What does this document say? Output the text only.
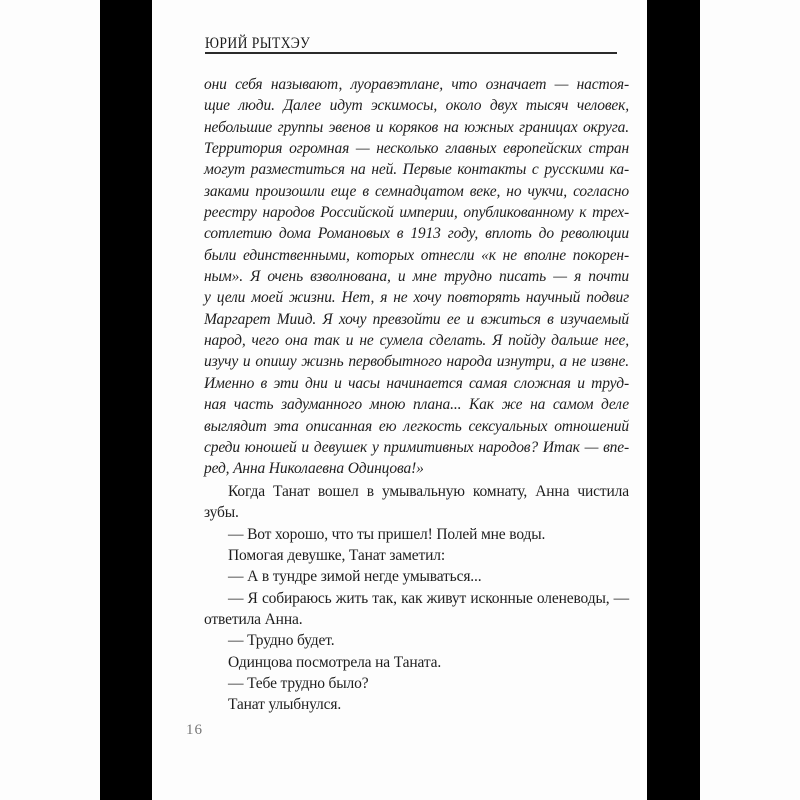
ЮРИЙ РЫТХЭУ
они себя называют, луоравэтлане, что означает — настоя-
щие люди. Далее идут эскимосы, около двух тысяч человек,
небольшие группы эвенов и коряков на южных границах округа.
Территория огромная — несколько главных европейских стран
могут разместиться на ней. Первые контакты с русскими ка-
заками произошли еще в семнадцатом веке, но чукчи, согласно
реестру народов Российской империи, опубликованному к трех-
сотлетию дома Романовых в 1913 году, вплоть до революции
были единственными, которых отнесли «к не вполне покорен-
ным». Я очень взволнована, и мне трудно писать — я почти
у цели моей жизни. Нет, я не хочу повторять научный подвиг
Маргарет Миид. Я хочу превзойти ее и вжиться в изучаемый
народ, чего она так и не сумела сделать. Я пойду дальше нее,
изучу и опишу жизнь первобытного народа изнутри, а не извне.
Именно в эти дни и часы начинается самая сложная и труд-
ная часть задуманного мною плана... Как же на самом деле
выглядит эта описанная ею легкость сексуальных отношений
среди юношей и девушек у примитивных народов? Итак — впе-
ред, Анна Николаевна Одинцова!»
Когда Танат вошел в умывальную комнату, Анна чистила
зубы.
— Вот хорошо, что ты пришел! Полей мне воды.
Помогая девушке, Танат заметил:
— А в тундре зимой негде умываться...
— Я собираюсь жить так, как живут исконные оленеводы, —
ответила Анна.
— Трудно будет.
Одинцова посмотрела на Таната.
— Тебе трудно было?
Танат улыбнулся.
16
